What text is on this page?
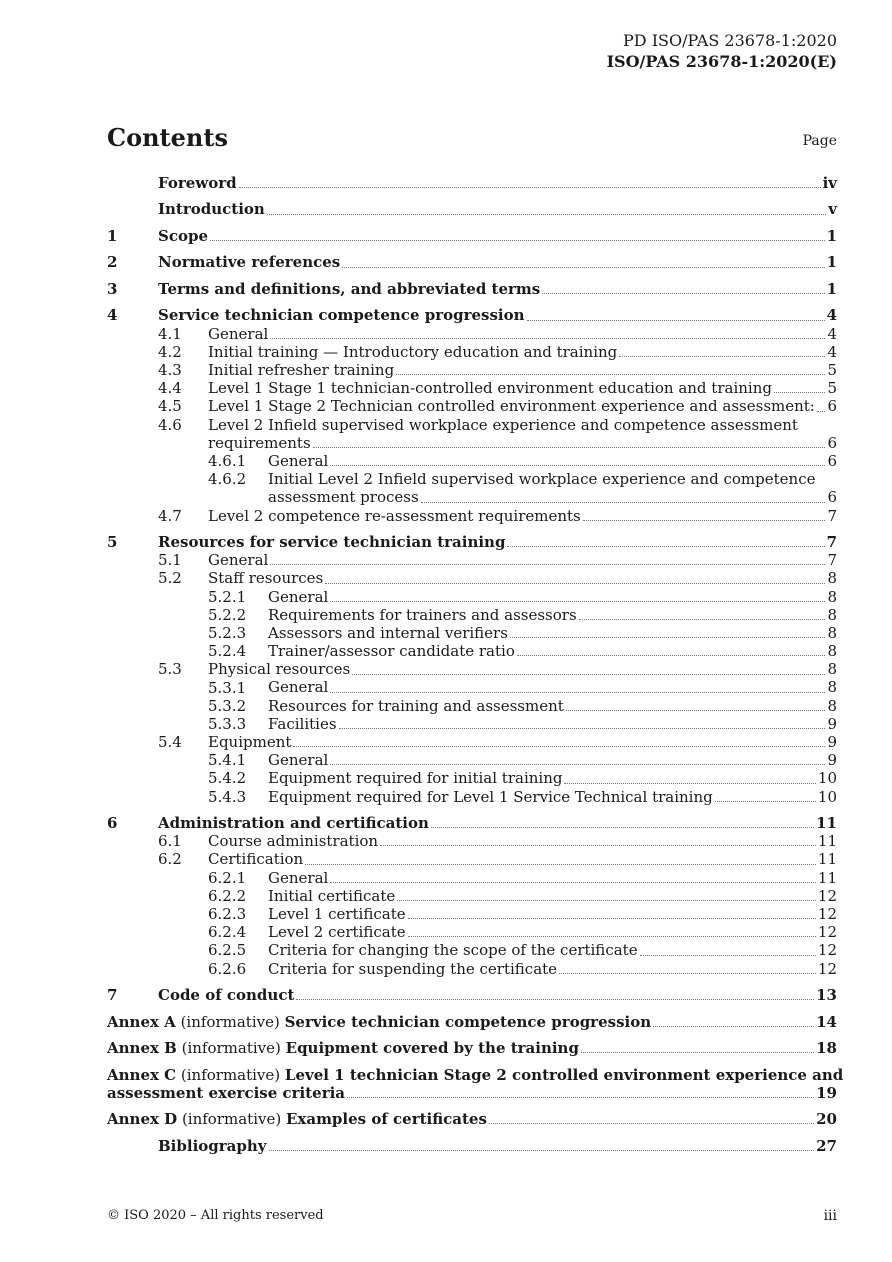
PD ISO/PAS 23678-1:2020
ISO/PAS 23678-1:2020(E)
Contents	Page
Foreword	iv
Introduction	v
1	Scope	1
2	Normative references	1
3	Terms and definitions, and abbreviated terms	1
4	Service technician competence progression	4
4.1 General	4
4.2 Initial training — Introductory education and training	4
4.3 Initial refresher training	5
4.4 Level 1 Stage 1 technician-controlled environment education and training	5
4.5 Level 1 Stage 2 Technician controlled environment experience and assessment: 6
4.6 Level 2 Infield supervised workplace experience and competence assessment
requirements	6
4.6.1 General	6
4.6.2 Initial Level 2 Infield supervised workplace experience and competence
assessment process	6
4.7 Level 2 competence re-assessment requirements	7
5	Resources for service technician training	7
5.1 General	7
5.2 Staff resources	8
5.2.1 General	8
5.2.2 Requirements for trainers and assessors	8
5.2.3 Assessors and internal verifiers	8
5.2.4 Trainer/assessor candidate ratio	8
5.3 Physical resources	8
5.3.1 General	8
5.3.2 Resources for training and assessment	8
5.3.3 Facilities	9
5.4 Equipment	9
5.4.1 General	9
5.4.2 Equipment required for initial training	10
5.4.3 Equipment required for Level 1 Service Technical training	10
6	Administration and certification	11
6.1 Course administration	11
6.2 Certification	11
6.2.1 General	11
6.2.2 Initial certificate	12
6.2.3 Level 1 certificate	12
6.2.4 Level 2 certificate	12
6.2.5 Criteria for changing the scope of the certificate	12
6.2.6 Criteria for suspending the certificate	12
7	Code of conduct	13
Annex A (informative) Service technician competence progression	14
Annex B (informative) Equipment covered by the training	18
Annex C (informative) Level 1 technician Stage 2 controlled environment experience and
assessment exercise criteria	19
Annex D (informative) Examples of certificates	20
Bibliography	27
© ISO 2020 – All rights reserved	iii
